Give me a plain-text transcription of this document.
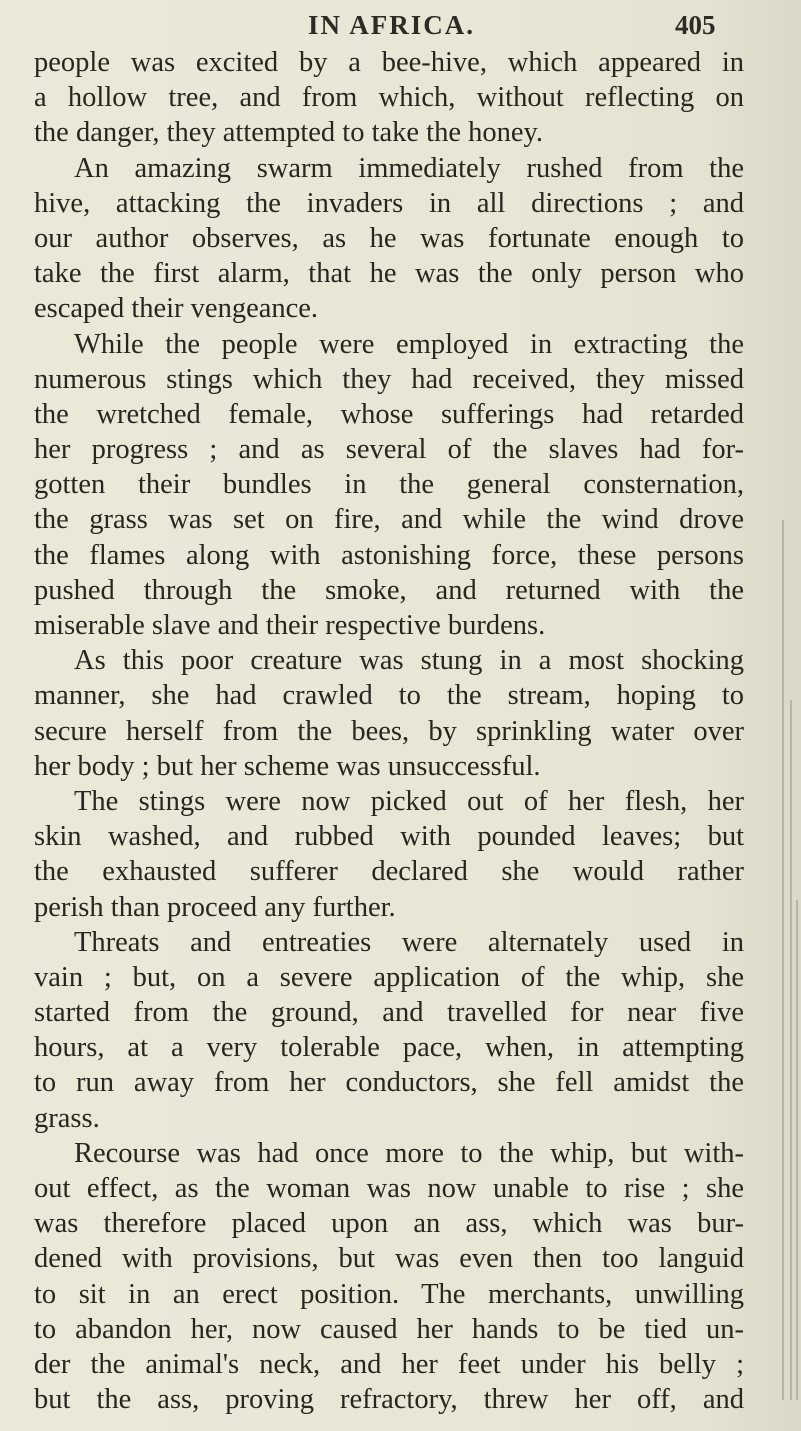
IN AFRICA.	405
people was excited by a bee-hive, which appeared in
a hollow tree, and from which, without reflecting on
the danger, they attempted to take the honey.
An amazing swarm immediately rushed from the
hive, attacking the invaders in all directions ; and
our author observes, as he was fortunate enough to
take the first alarm, that he was the only person who
escaped their vengeance.
While the people were employed in extracting the
numerous stings which they had received, they missed
the wretched female, whose sufferings had retarded
her progress ; and as several of the slaves had for-
gotten their bundles in the general consternation,
the grass was set on fire, and while the wind drove
the flames along with astonishing force, these persons
pushed through the smoke, and returned with the
miserable slave and their respective burdens.
As this poor creature was stung in a most shocking
manner, she had crawled to the stream, hoping to
secure herself from the bees, by sprinkling water over
her body ; but her scheme was unsuccessful.
The stings were now picked out of her flesh, her
skin washed, and rubbed with pounded leaves; but
the exhausted sufferer declared she would rather
perish than proceed any further.
Threats and entreaties were alternately used in
vain ; but, on a severe application of the whip, she
started from the ground, and travelled for near five
hours, at a very tolerable pace, when, in attempting
to run away from her conductors, she fell amidst the
grass.
Recourse was had once more to the whip, but with-
out effect, as the woman was now unable to rise ; she
was therefore placed upon an ass, which was bur-
dened with provisions, but was even then too languid
to sit in an erect position. The merchants, unwilling
to abandon her, now caused her hands to be tied un-
der the animal's neck, and her feet under his belly ;
but the ass, proving refractory, threw her off, and
